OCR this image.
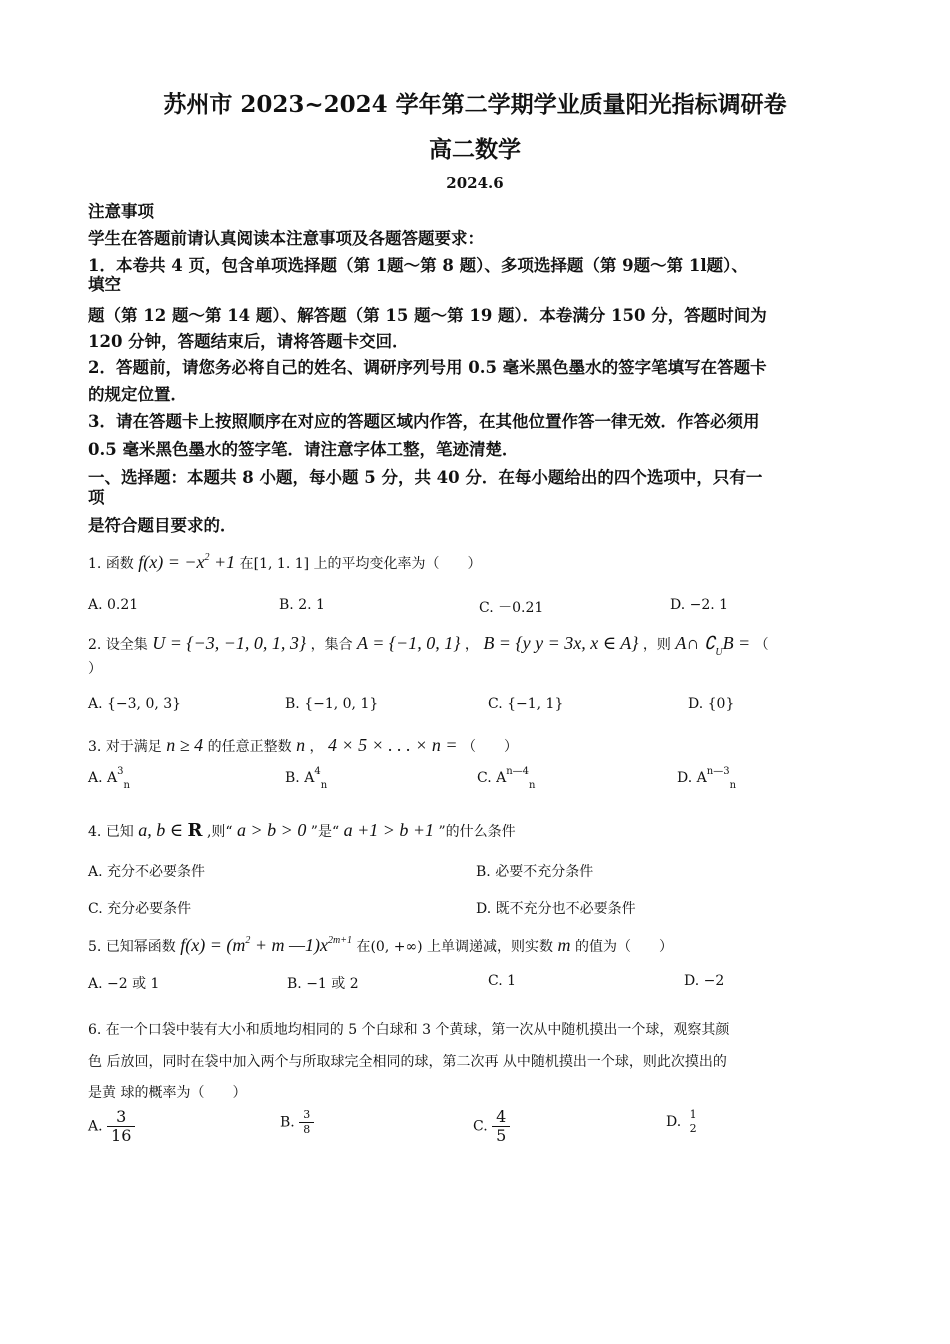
苏州市 2023~2024 学年第二学期学业质量阳光指标调研卷
高二数学
2024.6
注意事项
学生在答题前请认真阅读本注意事项及各题答题要求：
1．本卷共 4 页，包含单项选择题（第 1题～第 8 题）、多项选择题（第 9题～第 1l题）、
填空
题（第 12 题～第 14 题）、解答题（第 15 题～第 19 题）．本卷满分 150 分，答题时间为
120 分钟，答题结束后，请将答题卡交回．
2．答题前，请您务必将自己的姓名、调研序列号用 0.5 毫米黑色墨水的签字笔填写在答题卡
的规定位置．
3．请在答题卡上按照顺序在对应的答题区域内作答，在其他位置作答一律无效．作答必须用
0.5 毫米黑色墨水的签字笔．请注意字体工整，笔迹清楚．
一、选择题：本题共 8 小题，每小题 5 分，共 40 分．在每小题给出的四个选项中，只有一
项
是符合题目要求的．
1. 函数 $f(x) = -x^2 +1$ 在[1, 1. 1] 上的平均变化率为（　　）
A. 0.21	B. 2. 1	C. －0.21	D. −2. 1
2. 设全集 U = {−3, −1, 0, 1, 3} ，集合 A = {−1, 0, 1} ， B = {y y = 3x, x ∈ A} ，则 A∩ $∁_UB$ = （
）
A. {−3, 0, 3}	B. {−1, 0, 1}	C. {−1, 1}	D. {0}
3. 对于满足 n ≥ 4 的任意正整数 n ， 4 × 5 × . . . × n = （　　）
A. $A^3_n$	B. $A^4_n$	C. $A^{n—4}_n$	D. $A^{n—3}_n$
4. 已知 a, b ∈ R ,则“ a > b > 0 ”是“ a +1 > b +1 ”的什么条件
A. 充分不必要条件	B. 必要不充分条件
C. 充分必要条件	D. 既不充分也不必要条件
5. 已知幂函数 $f(x) = (m^2 + m$ $—1)x^{2m+1}$ 在(0, +∞) 上单调递减，则实数 m 的值为（　　）
A. −2 或 1	B. −1 或 2	C. 1	D. −2
6. 在一个口袋中装有大小和质地均相同的 5 个白球和 3 个黄球，第一次从中随机摸出一个球，观察其颜
色 后放回，同时在袋中加入两个与所取球完全相同的球，第二次再 从中随机摸出一个球，则此次摸出的
是黄 球的概率为（　　）
A. $\frac{3}{16}$	B. $\frac{3}{8}$	C. $\frac{4}{5}$	D. 1
2
